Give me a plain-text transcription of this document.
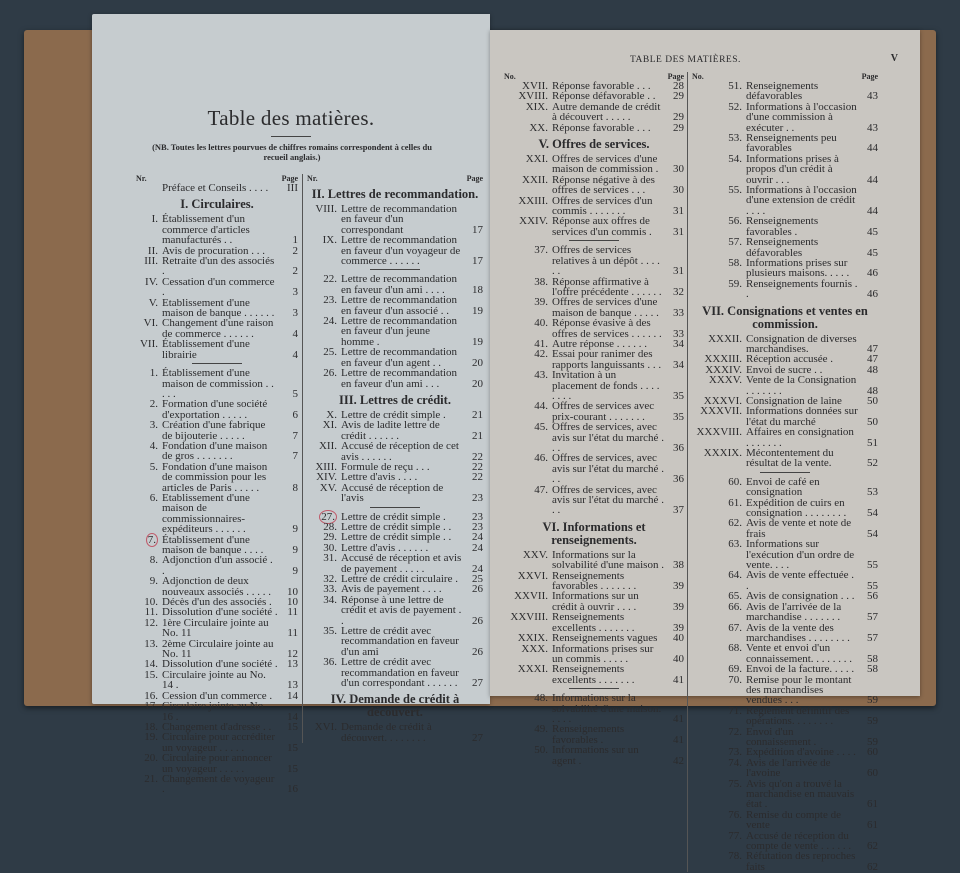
Table des matières.
(NB. Toutes les lettres pourvues de chiffres romains correspondent à celles du recueil anglais.)
Nr.	Page
Préface et Conseils . . . .	III
I. Circulaires.
I. Établissement d'un commerce d'articles manufacturés . .	1
II. Avis de procuration . . .	2
III. Retraite d'un des associés .	2
IV. Cessation d'un commerce .	3
V. Etablissement d'une maison de banque . . . . . .	3
VI. Changement d'une raison de commerce . . . . . .	4
VII. Établissement d'une librairie	4
1. Établissement d'une maison de commission . . . . .	5
2. Formation d'une société d'exportation . . . . .	6
3. Création d'une fabrique de bijouterie . . . . .	7
4. Fondation d'une maison de gros . . . . . . .	7
5. Fondation d'une maison de commission pour les articles de Paris . . . . .	8
6. Etablissement d'une maison de commissionnaires-expéditeurs . . . . . .	9
7. Établissement d'une maison de banque . . . .	9
8. Adjonction d'un associé . .	9
9. Adjonction de deux nouveaux associés . . . . .	10
10. Décès d'un des associés .	10
11. Dissolution d'une société . 11
12. 1ère Circulaire jointe au No. 11	11
13. 2ème Circulaire jointe au No. 11	12
14. Dissolution d'une société . 13
15. Circulaire jointe au No. 14 .	13
16. Cession d'un commerce .	14
17. Circulaire jointe au No. 16 .	14
18. Changement d'adresse . .	15
19. Circulaire pour accréditer un voyageur . . . . .	15
20. Circulaire pour annoncer un voyageur . . . . .	15
21. Changement de voyageur .	16
Nr.	Page
II. Lettres de recommandation.
VIII. Lettre de recommandation en faveur d'un correspondant	17
IX. Lettre de recommandation en faveur d'un voyageur de commerce . . . . . .	17
22. Lettre de recommandation en faveur d'un ami . . . .	18
23. Lettre de recommandation en faveur d'un associé . .	19
24. Lettre de recommandation en faveur d'un jeune homme .	19
25. Lettre de recommandation en faveur d'un agent . .	20
26. Lettre de recommandation en faveur d'un ami . . .	20
III. Lettres de crédit.
X. Lettre de crédit simple .	21
XI. Avis de ladite lettre de crédit . . . . . .	21
XII. Accusé de réception de cet avis . . . . . .	22
XIII. Formule de reçu . . .	22
XIV. Lettre d'avis . . . .	22
XV. Accusé de réception de l'avis	23
27. Lettre de crédit simple .	23
28. Lettre de crédit simple . .	23
29. Lettre de crédit simple . .	24
30. Lettre d'avis . . . . . .	24
31. Accusé de réception et avis de payement . . . . .	24
32. Lettre de crédit circulaire .	25
33. Avis de payement . . . .	26
34. Réponse à une lettre de crédit et avis de payement . .	26
35. Lettre de crédit avec recommandation en faveur d'un ami	26
36. Lettre de crédit avec recommandation en faveur d'un correspondant . . . . . .	27
IV. Demande de crédit à découvert.
XVI. Demande de crédit à découvert. . . . . . . .	27
TABLE DES MATIÈRES.	V
No.	Page
XVII. Réponse favorable . . .	28
XVIII. Réponse défavorable . .	29
XIX. Autre demande de crédit à découvert . . . . .	29
XX. Réponse favorable . . .	29
V. Offres de services.
XXI. Offres de services d'une maison de commission .	30
XXII. Réponse négative à des offres de services . . .	30
XXIII. Offres de services d'un commis . . . . . . .	31
XXIV. Réponse aux offres de services d'un commis .	31
37. Offres de services relatives à un dépôt . . . . . .	31
38. Réponse affirmative à l'offre précédente . . . . . .	32
39. Offres de services d'une maison de banque . . . . .	33
40. Réponse évasive à des offres de services . . . . . .	33
41. Autre réponse . . . . . .	34
42. Essai pour ranimer des rapports languissants . . .	34
43. Invitation à un placement de fonds . . . . . . . .	35
44. Offres de services avec prix-courant . . . . . . .	35
45. Offres de services, avec avis sur l'état du marché . . .	36
46. Offres de services, avec avis sur l'état du marché . . .	36
47. Offres de services, avec avis sur l'état du marché . . .	37
VI. Informations et renseignements.
XXV. Informations sur la solvabilité d'une maison . 38
XXVI. Renseignements favorables . . . . . . .	39
XXVII. Informations sur un crédit à ouvrir . . . .	39
XXVIII. Renseignements excellents . . . . . . .	39
XXIX. Renseignements vagues	40
XXX. Informations prises sur un commis . . . . .	40
XXXI. Renseignements excellents . . . . . . .	41
48. Informations sur la solvabilité d'une maison. . . . .	41
49. Renseignements favorables .	41
50. Informations sur un agent .	42
No.	Page
51. Renseignements défavorables	43
52. Informations à l'occasion d'une commission à exécuter . .	43
53. Renseignements peu favorables	44
54. Informations prises à propos d'un crédit à ouvrir . . .	44
55. Informations à l'occasion d'une extension de crédit . . . .	44
56. Renseignements favorables .	45
57. Renseignements défavorables	45
58. Informations prises sur plusieurs maisons. . . . .	46
59. Renseignements fournis . .	46
VII. Consignations et ventes en commission.
XXXII. Consignation de diverses marchandises.	47
XXXIII. Réception accusée .	47
XXXIV. Envoi de sucre . .	48
XXXV. Vente de la Consignation . . . . . . .	48
XXXVI. Consignation de laine	50
XXXVII. Informations données sur l'état du marché	50
XXXVIII. Affaires en consignation . . . . . . .	51
XXXIX. Mécontentement du résultat de la vente.	52
60. Envoi de café en consignation	53
61. Expédition de cuirs en consignation . . . . . . . .	54
62. Avis de vente et note de frais	54
63. Informations sur l'exécution d'un ordre de vente. . . .	55
64. Avis de vente effectuée . .	55
65. Avis de consignation . . .	56
66. Avis de l'arrivée de la marchandise . . . . . . .	57
67. Avis de la vente des marchandises . . . . . . . .	57
68. Vente et envoi d'un connaissement. . . . . . . .	58
69. Envoi de la facture. . . . .	58
70. Remise pour le montant des marchandises vendues . . .	59
71. Règlement définitif des opérations. . . . . . . .	59
72. Envoi d'un connaissement .	59
73. Expédition d'avoine . . . .	60
74. Avis de l'arrivée de l'avoine	60
75. Avis qu'on a trouvé la marchandise en mauvais état .	61
76. Remise du compte de vente	61
77. Accusé de réception du compte de vente . . . . . .	62
78. Réfutation des reproches faits	62
